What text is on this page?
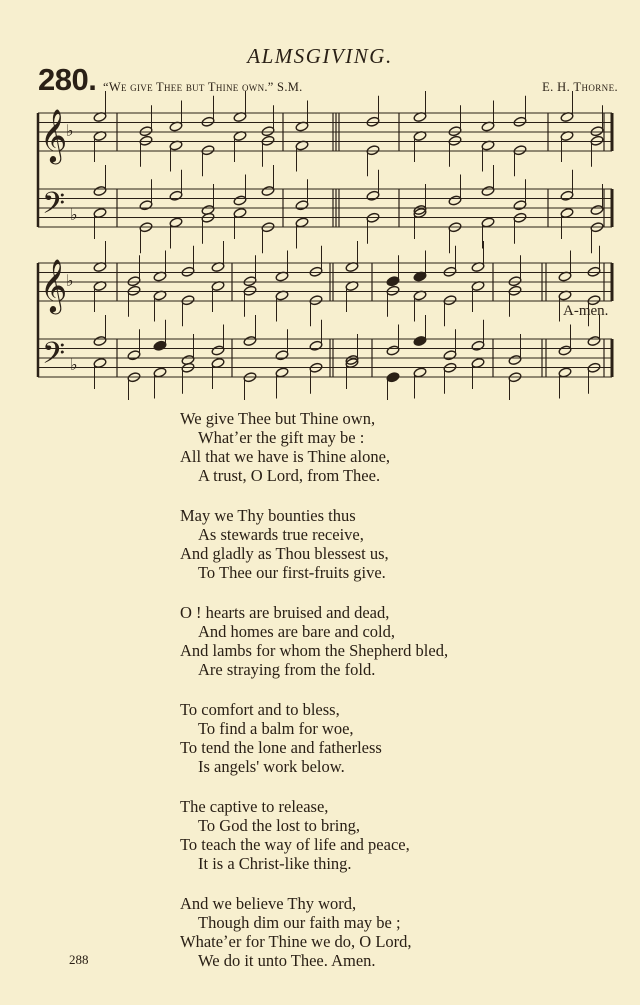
ALMSGIVING.
280. “We give Thee but Thine own.” S.M.	E. H. Thorne.
𝄞
𝄢
♭
♭
𝄞
𝄢
♭
♭
A-men.
We give Thee but Thine own,
Whatʼer the gift may be :
All that we have is Thine alone,
A trust, O Lord, from Thee.
May we Thy bounties thus
As stewards true receive,
And gladly as Thou blessest us,
To Thee our first-fruits give.
O ! hearts are bruised and dead,
And homes are bare and cold,
And lambs for whom the Shepherd bled,
Are straying from the fold.
To comfort and to bless,
To find a balm for woe,
To tend the lone and fatherless
Is angels' work below.
The captive to release,
To God the lost to bring,
To teach the way of life and peace,
It is a Christ-like thing.
And we believe Thy word,
Though dim our faith may be ;
Whateʼer for Thine we do, O Lord,
We do it unto Thee. Amen.
288
